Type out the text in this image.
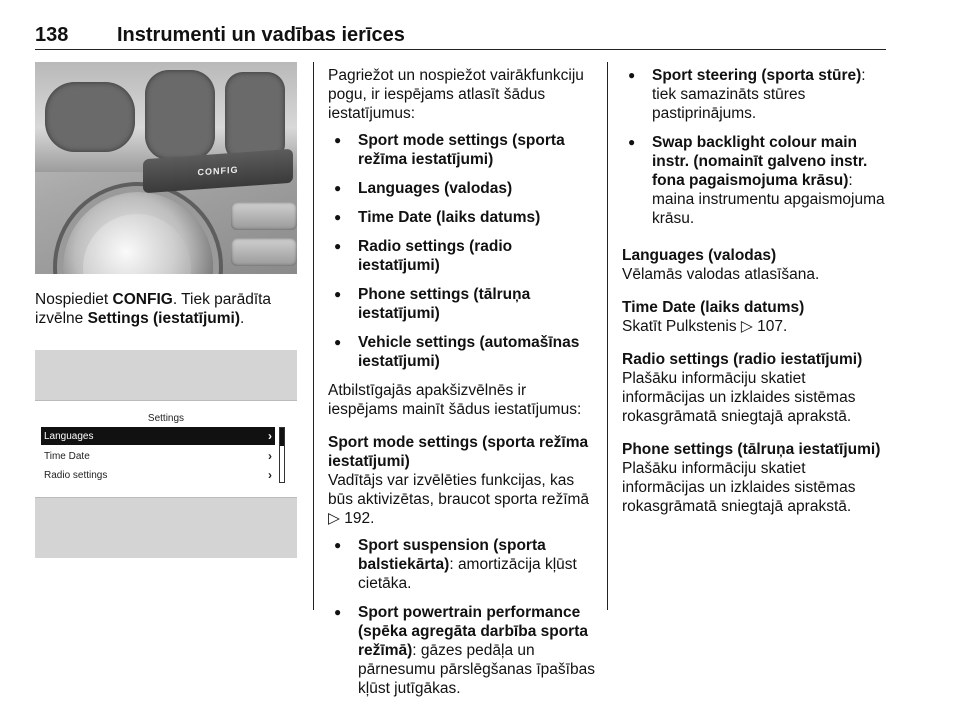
138	Instrumenti un vadības ierīces
CONFIG

Nospiediet CONFIG. Tiek parādīta izvēlne Settings (iestatījumi).

Settings
Languages	›
Time Date	›
Radio settings	›

Pagriežot un nospiežot vairākfunkciju pogu, ir iespējams atlasīt šādus iestatījumus:

● Sport mode settings (sporta režīma iestatījumi)
● Languages (valodas)
● Time Date (laiks datums)
● Radio settings (radio iestatījumi)
● Phone settings (tālruņa iestatījumi)
● Vehicle settings (automašīnas iestatījumi)

Atbilstīgajās apakšizvēlnēs ir iespējams mainīt šādus iestatījumus:

Sport mode settings (sporta režīma iestatījumi)

Vadītājs var izvēlēties funkcijas, kas būs aktivizētas, braucot sporta režīmā ▷ 192.

● Sport suspension (sporta balstiekārta): amortizācija kļūst cietāka.
● Sport powertrain performance (spēka agregāta darbība sporta režīmā): gāzes pedāļa un pārnesumu pārslēgšanas īpašības kļūst jutīgākas.
● Sport steering (sporta stūre): tiek samazināts stūres pastiprinājums.
● Swap backlight colour main instr. (nomainīt galveno instr. fona pagaismojuma krāsu): maina instrumentu apgaismojuma krāsu.

Languages (valodas)

Vēlamās valodas atlasīšana.

Time Date (laiks datums)

Skatīt Pulkstenis ▷ 107.

Radio settings (radio iestatījumi)

Plašāku informāciju skatiet informācijas un izklaides sistēmas rokasgrāmatā sniegtajā aprakstā.

Phone settings (tālruņa iestatījumi)

Plašāku informāciju skatiet informācijas un izklaides sistēmas rokasgrāmatā sniegtajā aprakstā.
